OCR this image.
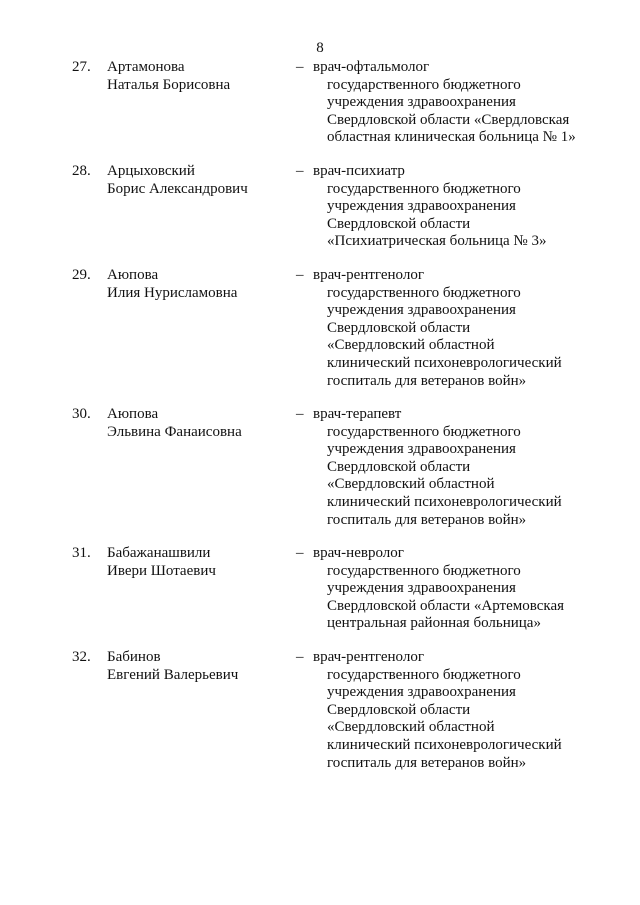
8
27. Артамонова
Наталья Борисовна
– врач-офтальмолог
государственного бюджетного
учреждения здравоохранения
Свердловской области «Свердловская
областная клиническая больница № 1»
28. Арцыховский
Борис Александрович
– врач-психиатр
государственного бюджетного
учреждения здравоохранения
Свердловской области
«Психиатрическая больница № 3»
29. Аюпова
Илия Нурисламовна
– врач-рентгенолог
государственного бюджетного
учреждения здравоохранения
Свердловской области
«Свердловский областной
клинический психоневрологический
госпиталь для ветеранов войн»
30. Аюпова
Эльвина Фанаисовна
– врач-терапевт
государственного бюджетного
учреждения здравоохранения
Свердловской области
«Свердловский областной
клинический психоневрологический
госпиталь для ветеранов войн»
31. Бабажанашвили
Ивери Шотаевич
– врач-невролог
государственного бюджетного
учреждения здравоохранения
Свердловской области «Артемовская
центральная районная больница»
32. Бабинов
Евгений Валерьевич
– врач-рентгенолог
государственного бюджетного
учреждения здравоохранения
Свердловской области
«Свердловский областной
клинический психоневрологический
госпиталь для ветеранов войн»
